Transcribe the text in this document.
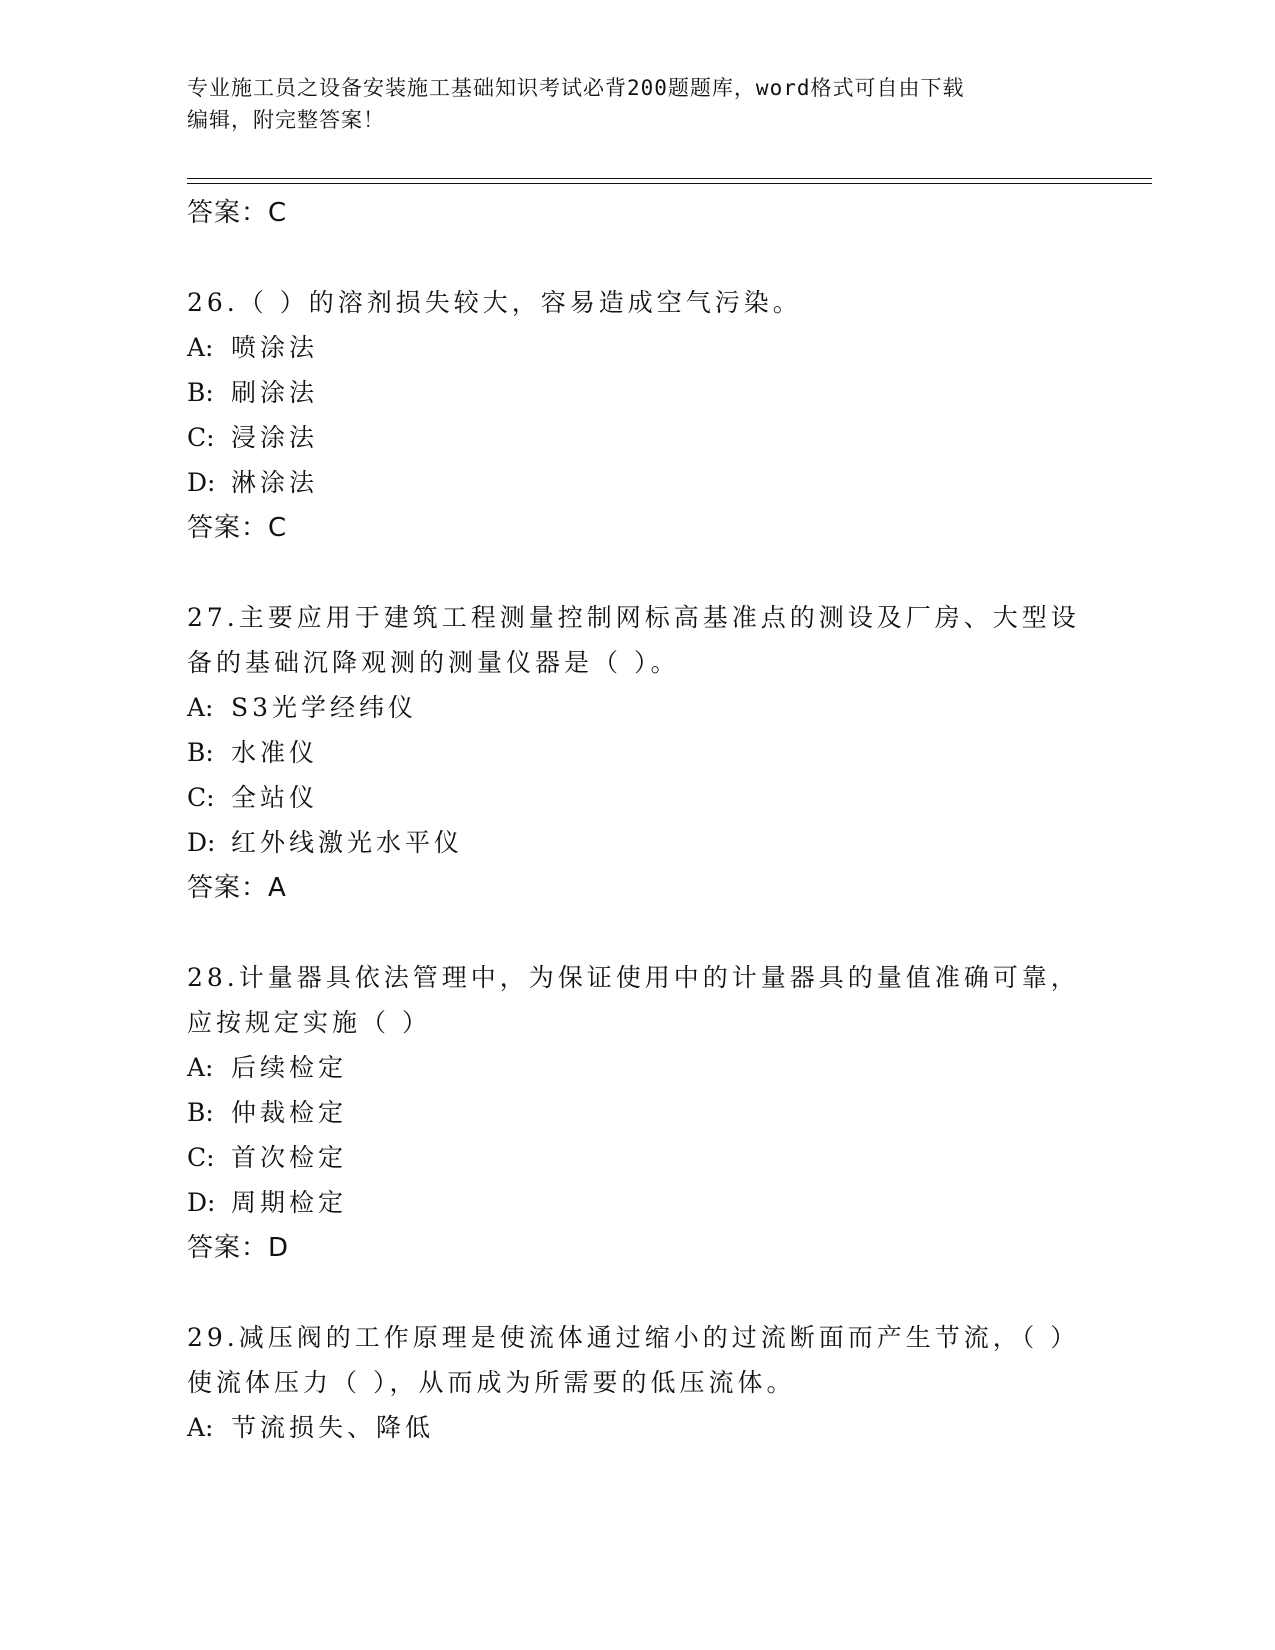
专业施工员之设备安装施工基础知识考试必背200题题库，word格式可自由下载
编辑，附完整答案！
答案：C
26.（ ）的溶剂损失较大，容易造成空气污染。
A: 喷涂法
B: 刷涂法
C: 浸涂法
D: 淋涂法
答案：C
27.主要应用于建筑工程测量控制网标高基准点的测设及厂房、大型设备的基础沉降观测的测量仪器是（ ）。
A: S3光学经纬仪
B: 水准仪
C: 全站仪
D: 红外线激光水平仪
答案：A
28.计量器具依法管理中，为保证使用中的计量器具的量值准确可靠，应按规定实施（ ）
A: 后续检定
B: 仲裁检定
C: 首次检定
D: 周期检定
答案：D
29.减压阀的工作原理是使流体通过缩小的过流断面而产生节流，（ ）使流体压力（ ），从而成为所需要的低压流体。
A: 节流损失、降低
